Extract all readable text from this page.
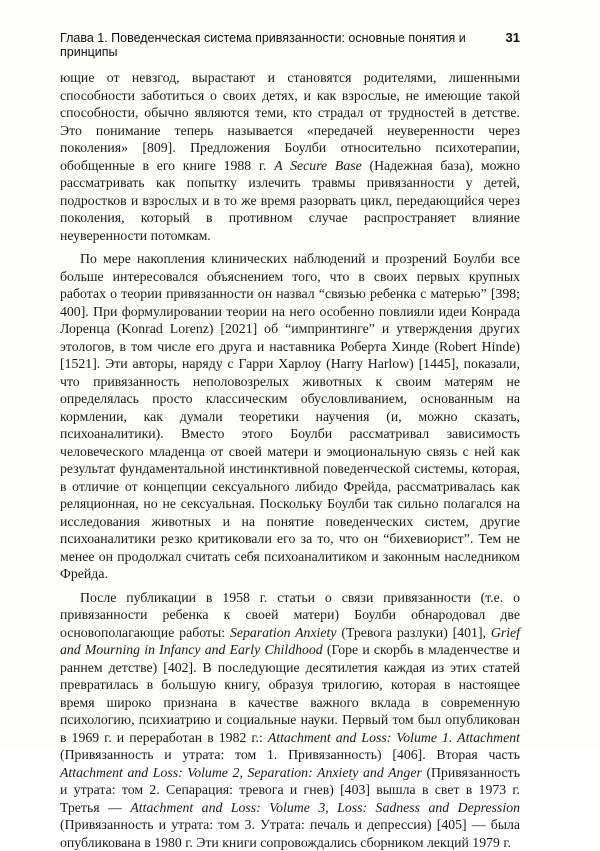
Глава 1. Поведенческая система привязанности: основные понятия и принципы
31

ющие от невзгод, вырастают и становятся родителями, лишенными способности заботиться о своих детях, и как взрослые, не имеющие такой способности, обычно являются теми, кто страдал от трудностей в детстве. Это понимание теперь называется «передачей неуверенности через поколения» [809]. Предложения Боулби относительно психотерапии, обобщенные в его книге 1988 г. A Secure Base (Надежная база), можно рассматривать как попытку излечить травмы привязанности у детей, подростков и взрослых и в то же время разорвать цикл, передающийся через поколения, который в противном случае распространяет влияние неуверенности потомкам.

По мере накопления клинических наблюдений и прозрений Боулби все больше интересовался объяснением того, что в своих первых крупных работах о теории привязанности он назвал “связью ребенка с матерью” [398; 400]. При формулировании теории на него особенно повлияли идеи Конрада Лоренца (Konrad Lorenz) [2021] об “импринтинге” и утверждения других этологов, в том числе его друга и наставника Роберта Хинде (Robert Hinde) [1521]. Эти авторы, наряду с Гарри Харлоу (Harry Harlow) [1445], показали, что привязанность неполовозрелых животных к своим матерям не определялась просто классическим обусловливанием, основанным на кормлении, как думали теоретики научения (и, можно сказать, психоаналитики). Вместо этого Боулби рассматривал зависимость человеческого младенца от своей матери и эмоциональную связь с ней как результат фундаментальной инстинктивной поведенческой системы, которая, в отличие от концепции сексуального либидо Фрейда, рассматривалась как реляционная, но не сексуальная. Поскольку Боулби так сильно полагался на исследования животных и на понятие поведенческих систем, другие психоаналитики резко критиковали его за то, что он “бихевиорист”. Тем не менее он продолжал считать себя психоаналитиком и законным наследником Фрейда.

После публикации в 1958 г. статьи о связи привязанности (т.е. о привязанности ребенка к своей матери) Боулби обнародовал две основополагающие работы: Separation Anxiety (Тревога разлуки) [401], Grief and Mourning in Infancy and Early Childhood (Горе и скорбь в младенчестве и раннем детстве) [402]. В последующие десятилетия каждая из этих статей превратилась в большую книгу, образуя трилогию, которая в настоящее время широко признана в качестве важного вклада в современную психологию, психиатрию и социальные науки. Первый том был опубликован в 1969 г. и переработан в 1982 г.: Attachment and Loss: Volume 1. Attachment (Привязанность и утрата: том 1. Привязанность) [406]. Вторая часть Attachment and Loss: Volume 2, Separation: Anxiety and Anger (Привязанность и утрата: том 2. Сепарация: тревога и гнев) [403] вышла в свет в 1973 г. Третья — Attachment and Loss: Volume 3, Loss: Sadness and Depression (Привязанность и утрата: том 3. Утрата: печаль и депрессия) [405] — была опубликована в 1980 г. Эти книги сопровождались сборником лекций 1979 г.
